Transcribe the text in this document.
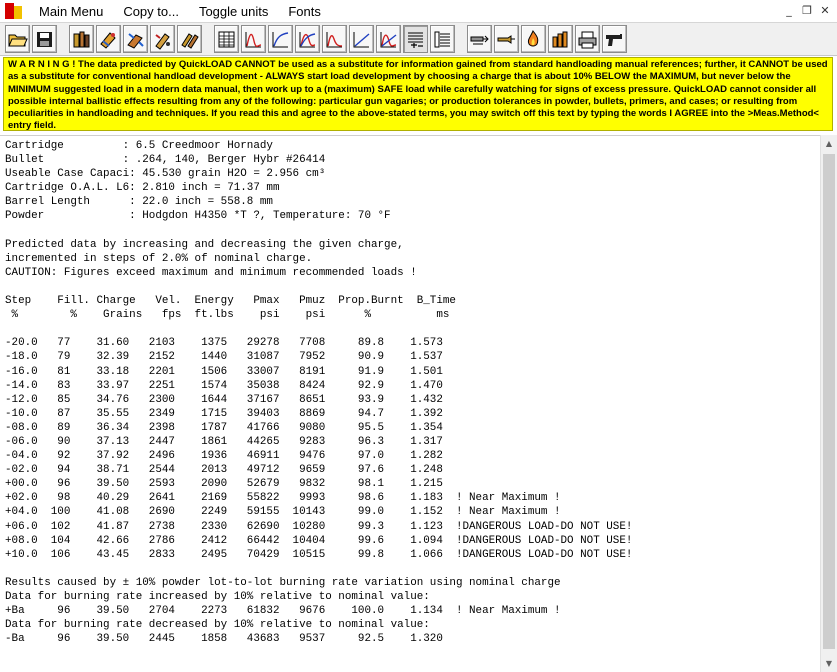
Main Menu	Copy to...	Toggle units	Fonts	_ ❐ ✕
W A R N I N G ! The data predicted by QuickLOAD CANNOT be used as a substitute for information gained from standard handloading manual references; further, it CANNOT be used as a substitute for conventional handload development - ALWAYS start load development by choosing a charge that is about 10% BELOW the MAXIMUM, but never below the MINIMUM suggested load in a modern data manual, then work up to a (maximum) SAFE load while carefully watching for signs of excess pressure. QuickLOAD cannot consider all possible internal ballistic effects resulting from any of the following: particular gun vagaries; or production tolerances in powder, bullets, primers, and cases; or resulting from peculiarities in handloading and techniques. If you read this and agree to the above-stated terms, you may switch off this text by typing the words I AGREE into the >Meas.Method< entry field.
Cartridge         : 6.5 Creedmoor Hornady
Bullet            : .264, 140, Berger Hybr #26414
Useable Case Capaci: 45.530 grain H2O = 2.956 cm³
Cartridge O.A.L. L6: 2.810 inch = 71.37 mm
Barrel Length      : 22.0 inch = 558.8 mm
Powder             : Hodgdon H4350 *T ?, Temperature: 70 °F
Predicted data by increasing and decreasing the given charge,
incremented in steps of 2.0% of nominal charge.
CAUTION: Figures exceed maximum and minimum recommended loads !
Step    Fill. Charge   Vel.  Energy   Pmax   Pmuz  Prop.Burnt  B_Time
%        %    Grains   fps  ft.lbs    psi    psi      %          ms
-20.0   77    31.60   2103    1375   29278   7708     89.8    1.573
-18.0   79    32.39   2152    1440   31087   7952     90.9    1.537
-16.0   81    33.18   2201    1506   33007   8191     91.9    1.501
-14.0   83    33.97   2251    1574   35038   8424     92.9    1.470
-12.0   85    34.76   2300    1644   37167   8651     93.9    1.432
-10.0   87    35.55   2349    1715   39403   8869     94.7    1.392
-08.0   89    36.34   2398    1787   41766   9080     95.5    1.354
-06.0   90    37.13   2447    1861   44265   9283     96.3    1.317
-04.0   92    37.92   2496    1936   46911   9476     97.0    1.282
-02.0   94    38.71   2544    2013   49712   9659     97.6    1.248
+00.0   96    39.50   2593    2090   52679   9832     98.1    1.215
+02.0   98    40.29   2641    2169   55822   9993     98.6    1.183  ! Near Maximum !
+04.0  100    41.08   2690    2249   59155  10143     99.0    1.152  ! Near Maximum !
+06.0  102    41.87   2738    2330   62690  10280     99.3    1.123  !DANGEROUS LOAD-DO NOT USE!
+08.0  104    42.66   2786    2412   66442  10404     99.6    1.094  !DANGEROUS LOAD-DO NOT USE!
+10.0  106    43.45   2833    2495   70429  10515     99.8    1.066  !DANGEROUS LOAD-DO NOT USE!
Results caused by ± 10% powder lot-to-lot burning rate variation using nominal charge
Data for burning rate increased by 10% relative to nominal value:
+Ba     96    39.50   2704    2273   61832   9676    100.0    1.134  ! Near Maximum !
Data for burning rate decreased by 10% relative to nominal value:
-Ba     96    39.50   2445    1858   43683   9537     92.5    1.320
▲
▼
